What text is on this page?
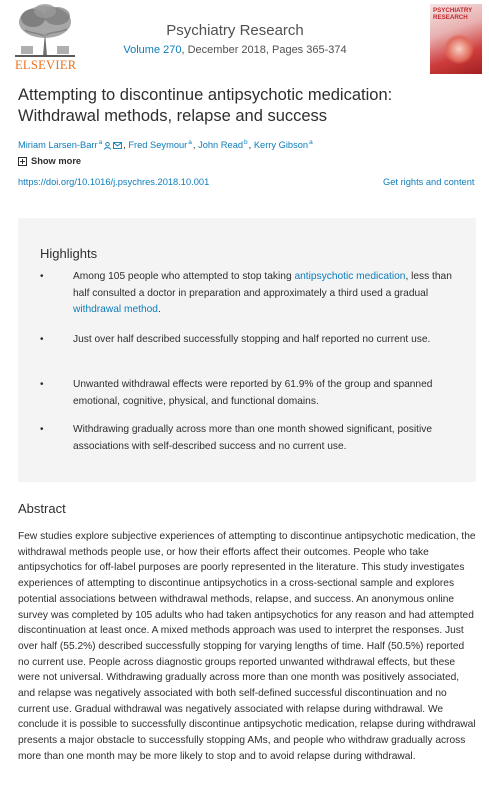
ELSEVIER
Psychiatry Research
Volume 270, December 2018, Pages 365-374
PSYCHIATRY RESEARCH
Attempting to discontinue antipsychotic medication: Withdrawal methods, relapse and success
Miriam Larsen-Barr$^a$ , Fred Seymour$^a$, John Read$^b$, Kerry Gibson$^a$
Show more
https://doi.org/10.1016/j.psychres.2018.10.001	Get rights and content
Highlights
•	Among 105 people who attempted to stop taking antipsychotic medication, less than half consulted a doctor in preparation and approximately a third used a gradual withdrawal method.
•	Just over half described successfully stopping and half reported no current use.
•	Unwanted withdrawal effects were reported by 61.9% of the group and spanned emotional, cognitive, physical, and functional domains.
•	Withdrawing gradually across more than one month showed significant, positive associations with self-described success and no current use.
Abstract

Few studies explore subjective experiences of attempting to discontinue antipsychotic medication, the withdrawal methods people use, or how their efforts affect their outcomes. People who take antipsychotics for off-label purposes are poorly represented in the literature. This study investigates experiences of attempting to discontinue antipsychotics in a cross-sectional sample and explores potential associations between withdrawal methods, relapse, and success. An anonymous online survey was completed by 105 adults who had taken antipsychotics for any reason and had attempted discontinuation at least once. A mixed methods approach was used to interpret the responses. Just over half (55.2%) described successfully stopping for varying lengths of time. Half (50.5%) reported no current use. People across diagnostic groups reported unwanted withdrawal effects, but these were not universal. Withdrawing gradually across more than one month was positively associated, and relapse was negatively associated with both self-defined successful discontinuation and no current use. Gradual withdrawal was negatively associated with relapse during withdrawal. We conclude it is possible to successfully discontinue antipsychotic medication, relapse during withdrawal presents a major obstacle to successfully stopping AMs, and people who withdraw gradually across more than one month may be more likely to stop and to avoid relapse during withdrawal.
